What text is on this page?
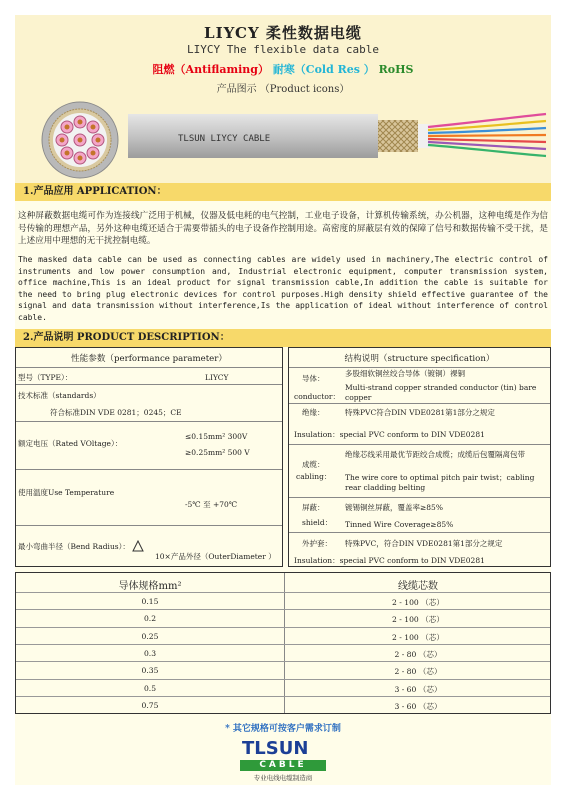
LIYCY 柔性数据电缆
LIYCY The flexible data cable
阻燃（Antiflaming） 耐寒（Cold Res ） RoHS
产品图示 （Product icons）
TLSUN LIYCY CABLE
1.产品应用 APPLICATION：
这种屏蔽数据电缆可作为连接线广泛用于机械，仪器及低电耗的电气控制，工业电子设备，计算机传输系统，办公机器，这种电缆是作为信号传输的理想产品，另外这种电缆还适合于需要带插头的电子设备作控制用途。高密度的屏蔽层有效的保障了信号和数据传输不受干扰，是上述应用中理想的无干扰控制电缆。
The masked data cable can be used as connecting cables are widely used in machinery,The electric control of instruments and low power consumption and, Industrial electronic equipment, computer transmission system, office machine,This is an ideal product for signal transmission cable,In addition the cable is suitable for the need to bring plug electronic devices for control purposes.High density shield effective guarantee of the signal and data transmission without interference,Is the application of ideal without interference of control cable.
2.产品说明 PRODUCT DESCRIPTION：
性能参数（performance parameter）
型号（TYPE）：	LIYCY
技术标准（standards）
符合标准DIN VDE 0281；0245；CE
额定电压（Rated VOltage）：
≤0.15mm² 300V
≥0.25mm² 500 V
使用温度Use Temperature
-5℃ 至 +70℃
最小弯曲半径（Bend Radius）：
10×产品外径（OuterDiameter ）
结构说明（structure specification）
导体：
conductor：
多股细软铜丝绞合导体（镀铜）裸铜
Multi-strand copper stranded conductor (tin) bare copper
绝缘：	特殊PVC符合DIN VDE0281第1部分之规定
Insulation：special PVC conform to DIN VDE0281
成缆：
cabling：
绝缘芯线采用最优节距绞合成缆；成缆后包覆隔离包带
The wire core to optimal pitch pair twist；cabling rear cladding belting
屏蔽：
shield：
镀锡铜丝屏蔽，覆盖率≥85%
Tinned Wire Coverage≥85%
外护套： 特殊PVC，符合DIN VDE0281第1部分之规定
Insulation：special PVC conform to DIN VDE0281
导体规格mm²	线缆芯数
0.15	2 - 100 （芯）
0.2	2 - 100 （芯）
0.25	2 - 100 （芯）
0.3	2 - 80 （芯）
0.35	2 - 80 （芯）
0.5	3 - 60 （芯）
0.75	3 - 60 （芯）
* 其它规格可按客户需求订制
TLSUN
CABLE
专业电线电缆制造商
